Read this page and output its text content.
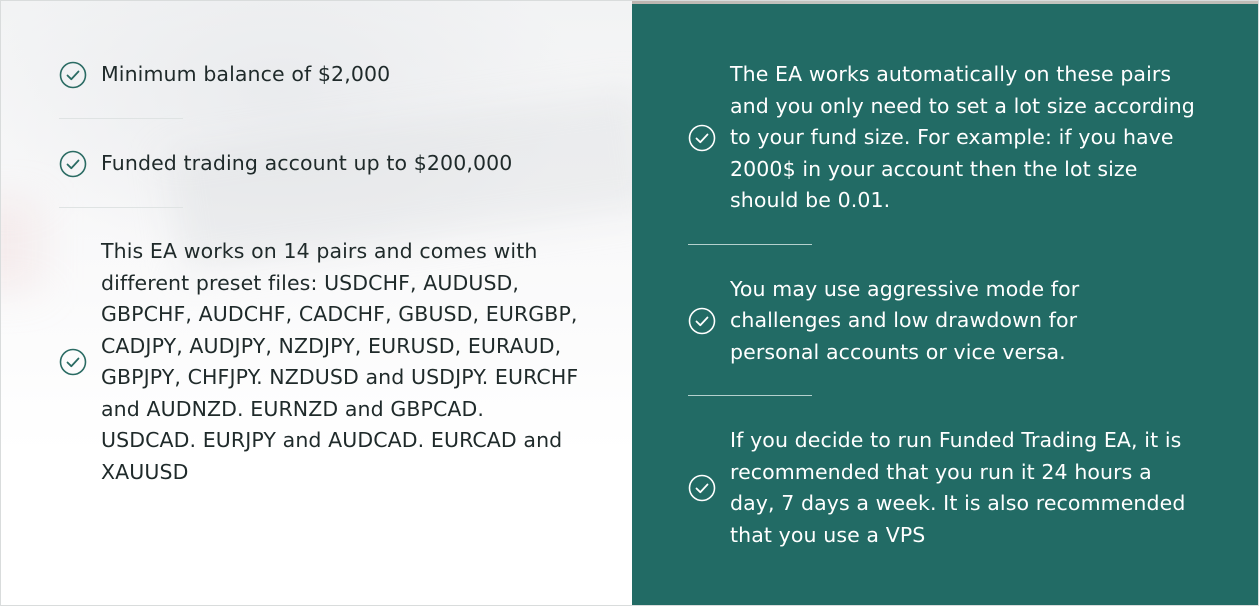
Minimum balance of $2,000
Funded trading account up to $200,000
This EA works on 14 pairs and comes with different preset files: USDCHF, AUDUSD, GBPCHF, AUDCHF, CADCHF, GBUSD, EURGBP, CADJPY, AUDJPY, NZDJPY, EURUSD, EURAUD, GBPJPY, CHFJPY. NZDUSD and USDJPY. EURCHF and AUDNZD. EURNZD and GBPCAD. USDCAD. EURJPY and AUDCAD. EURCAD and XAUUSD
The EA works automatically on these pairs and you only need to set a lot size according to your fund size. For example: if you have 2000$ in your account then the lot size should be 0.01.
You may use aggressive mode for challenges and low drawdown for personal accounts or vice versa.
If you decide to run Funded Trading EA, it is recommended that you run it 24 hours a day, 7 days a week. It is also recommended that you use a VPS
